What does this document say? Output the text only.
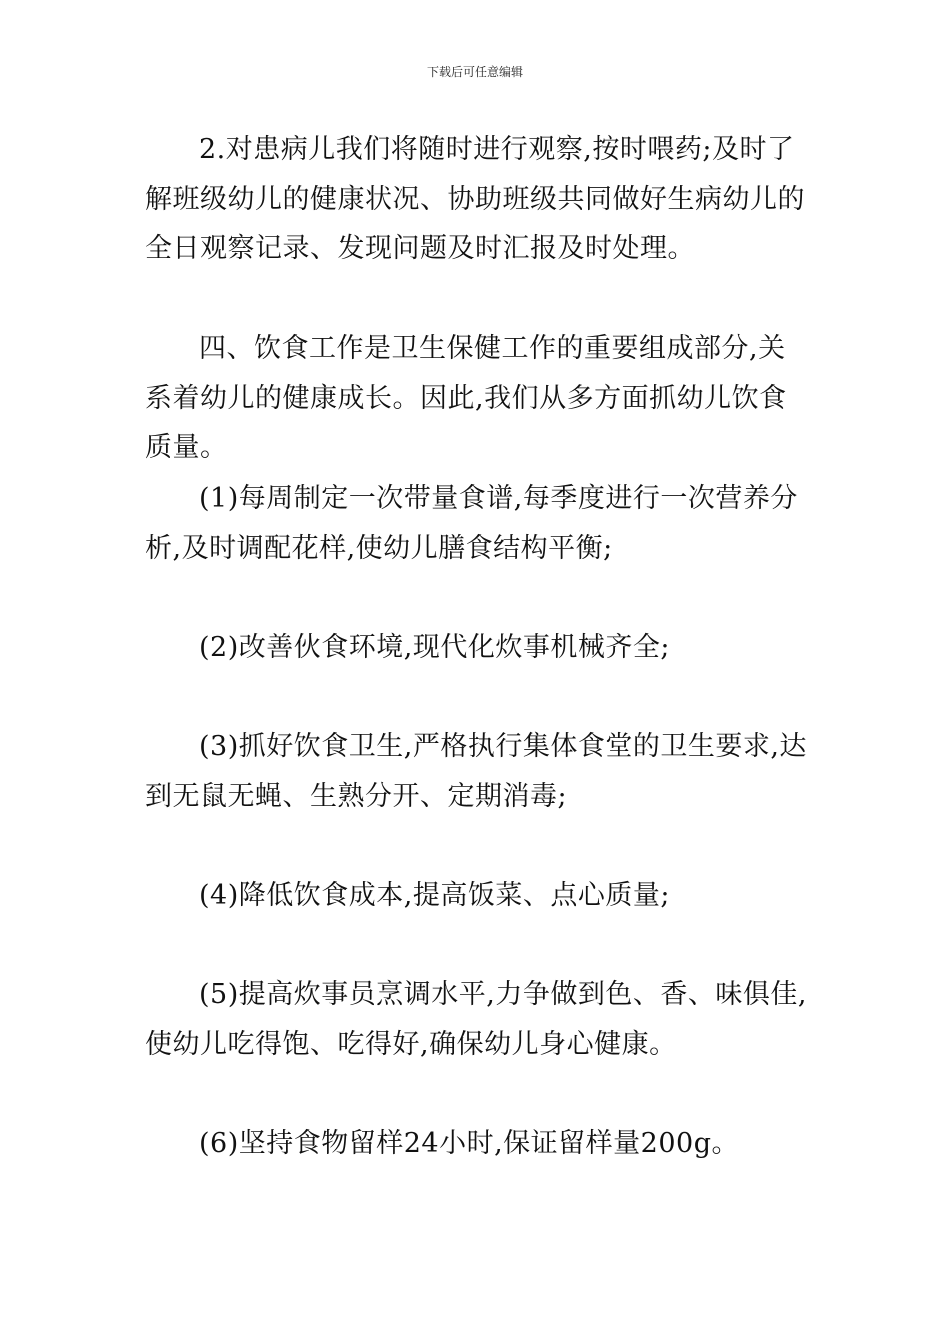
下载后可任意编辑

2.对患病儿我们将随时进行观察,按时喂药;及时了解班级幼儿的健康状况、协助班级共同做好生病幼儿的全日观察记录、发现问题及时汇报及时处理。

四、饮食工作是卫生保健工作的重要组成部分,关系着幼儿的健康成长。因此,我们从多方面抓幼儿饮食质量。

(1)每周制定一次带量食谱,每季度进行一次营养分析,及时调配花样,使幼儿膳食结构平衡;

(2)改善伙食环境,现代化炊事机械齐全;

(3)抓好饮食卫生,严格执行集体食堂的卫生要求,达到无鼠无蝇、生熟分开、定期消毒;

(4)降低饮食成本,提高饭菜、点心质量;

(5)提高炊事员烹调水平,力争做到色、香、味俱佳,使幼儿吃得饱、吃得好,确保幼儿身心健康。

(6)坚持食物留样24小时,保证留样量200g。
